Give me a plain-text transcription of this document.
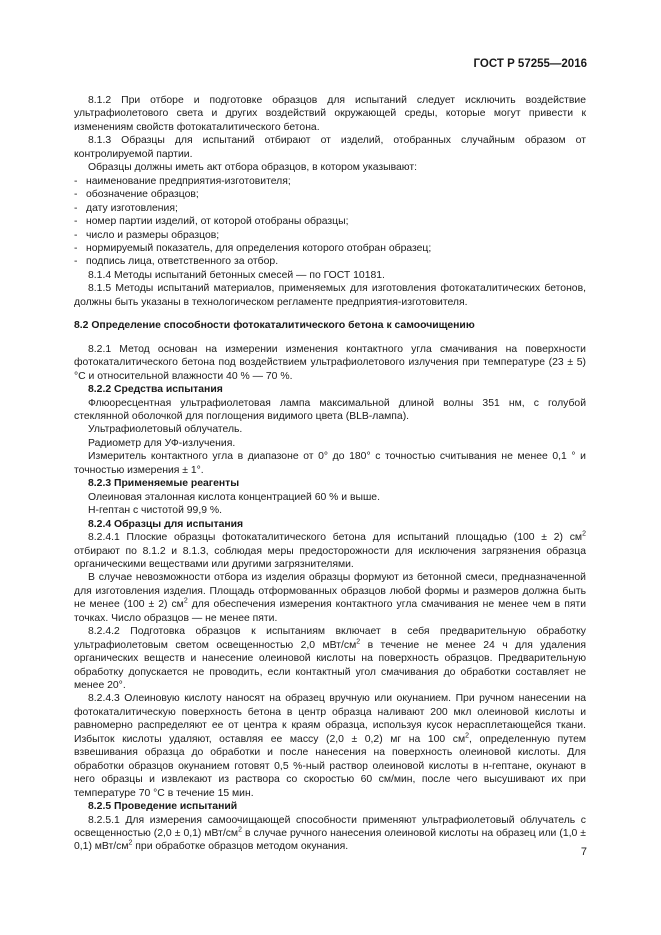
ГОСТ Р 57255—2016

8.1.2 При отборе и подготовке образцов для испытаний следует исключить воздействие ультрафиолетового света и других воздействий окружающей среды, которые могут привести к изменениям свойств фотокаталитического бетона.

8.1.3 Образцы для испытаний отбирают от изделий, отобранных случайным образом от контролируемой партии.

Образцы должны иметь акт отбора образцов, в котором указывают:

- наименование предприятия-изготовителя;
- обозначение образцов;
- дату изготовления;
- номер партии изделий, от которой отобраны образцы;
- число и размеры образцов;
- нормируемый показатель, для определения которого отобран образец;
- подпись лица, ответственного за отбор.

8.1.4 Методы испытаний бетонных смесей — по ГОСТ 10181.

8.1.5 Методы испытаний материалов, применяемых для изготовления фотокаталитических бетонов, должны быть указаны в технологическом регламенте предприятия-изготовителя.

8.2 Определение способности фотокаталитического бетона к самоочищению

8.2.1 Метод основан на измерении изменения контактного угла смачивания на поверхности фотокаталитического бетона под воздействием ультрафиолетового излучения при температуре (23 ± 5) °С и относительной влажности 40 % — 70 %.

8.2.2 Средства испытания

Флюоресцентная ультрафиолетовая лампа максимальной длиной волны 351 нм, с голубой стеклянной оболочкой для поглощения видимого цвета (BLB-лампа).

Ультрафиолетовый облучатель.

Радиометр для УФ-излучения.

Измеритель контактного угла в диапазоне от 0° до 180° с точностью считывания не менее 0,1 ° и точностью измерения ± 1°.

8.2.3 Применяемые реагенты

Олеиновая эталонная кислота концентрацией 60 % и выше.

Н-гептан с чистотой 99,9 %.

8.2.4 Образцы для испытания

8.2.4.1 Плоские образцы фотокаталитического бетона для испытаний площадью (100 ± 2) $см^2$ отбирают по 8.1.2 и 8.1.3, соблюдая меры предосторожности для исключения загрязнения образца органическими веществами или другими загрязнителями.

В случае невозможности отбора из изделия образцы формуют из бетонной смеси, предназначенной для изготовления изделия. Площадь отформованных образцов любой формы и размеров должна быть не менее (100 ± 2) $см^2$ для обеспечения измерения контактного угла смачивания не менее чем в пяти точках. Число образцов — не менее пяти.

8.2.4.2 Подготовка образцов к испытаниям включает в себя предварительную обработку ультрафиолетовым светом освещенностью 2,0 мВт/$см^2$ в течение не менее 24 ч для удаления органических веществ и нанесение олеиновой кислоты на поверхность образцов. Предварительную обработку допускается не проводить, если контактный угол смачивания до обработки составляет не менее 20°.

8.2.4.3 Олеиновую кислоту наносят на образец вручную или окунанием. При ручном нанесении на фотокаталитическую поверхность бетона в центр образца наливают 200 мкл олеиновой кислоты и равномерно распределяют ее от центра к краям образца, используя кусок нерасплетающейся ткани. Избыток кислоты удаляют, оставляя ее массу (2,0 ± 0,2) мг на 100 $см^2$, определенную путем взвешивания образца до обработки и после нанесения на поверхность олеиновой кислоты. Для обработки образцов окунанием готовят 0,5 %-ный раствор олеиновой кислоты в н-гептане, окунают в него образцы и извлекают из раствора со скоростью 60 см/мин, после чего высушивают их при температуре 70 °С в течение 15 мин.

8.2.5 Проведение испытаний

8.2.5.1 Для измерения самоочищающей способности применяют ультрафиолетовый облучатель с освещенностью (2,0 ± 0,1) мВт/$см^2$ в случае ручного нанесения олеиновой кислоты на образец или (1,0 ± 0,1) мВт/$см^2$ при обработке образцов методом окунания.	7
